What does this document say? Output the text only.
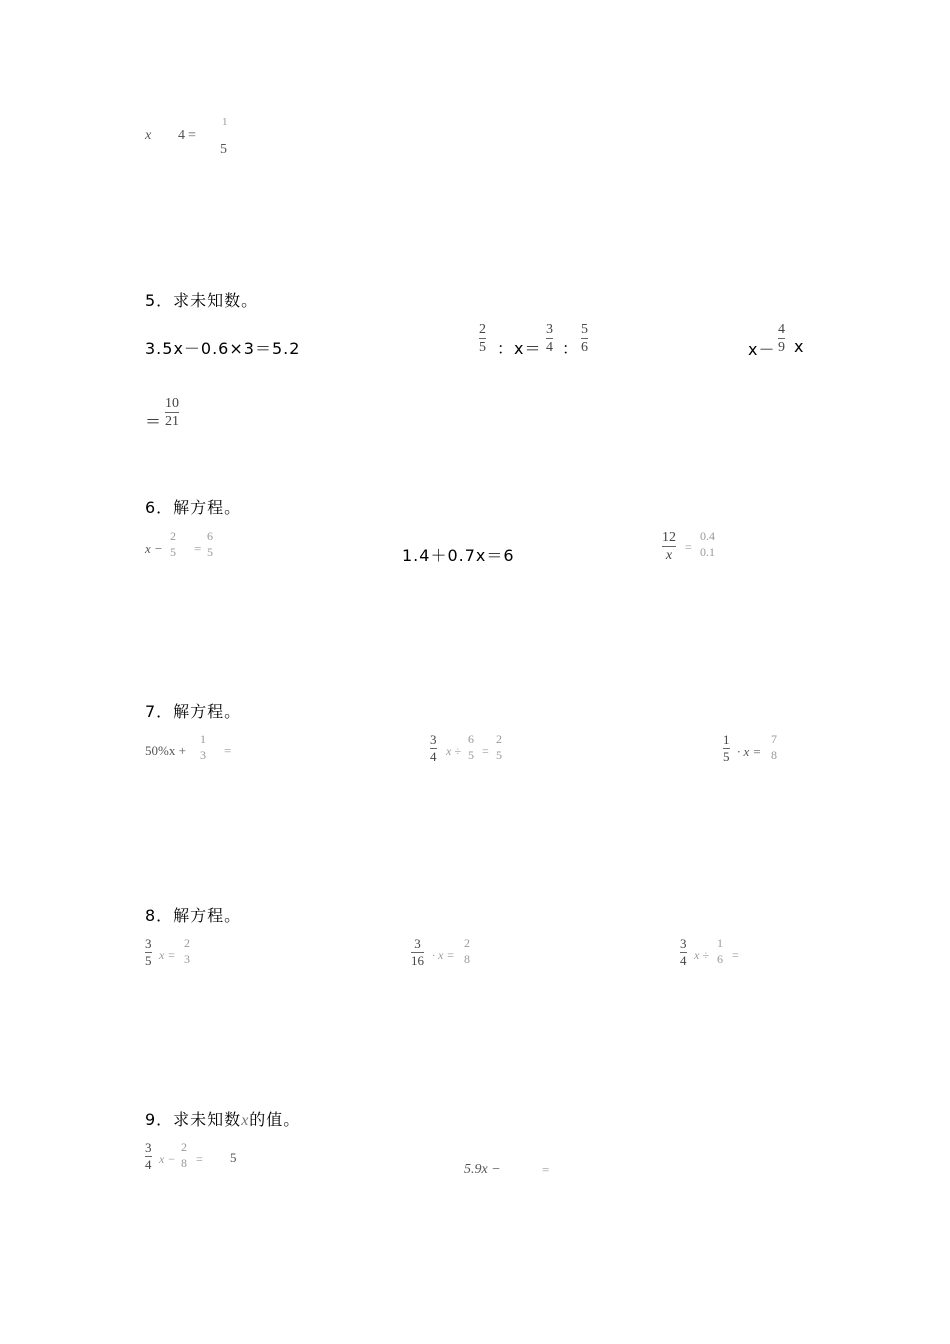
x 4 =
1
5
5．求未知数。
3.5x－0.6×3＝5.2
2
5 ：x＝
3
4 ：
5
6	x－
4
9 x
＝
10
21
6．解方程。
x −
2
5 =
6
5	1.4＋0.7x＝6
12
x
=
0.4
0.1
7．解方程。
50%x +
1
3 =
3
4 x ÷
6
5 =
2
5
1
5 · x =
7
8
8．解方程。
3
5 x =
2
3
3
16 · x =
2
8
3
4 x ÷
1
6 =
9．求未知数x的值。
3
4 x −
2
8 = 5
5.9x −	=
